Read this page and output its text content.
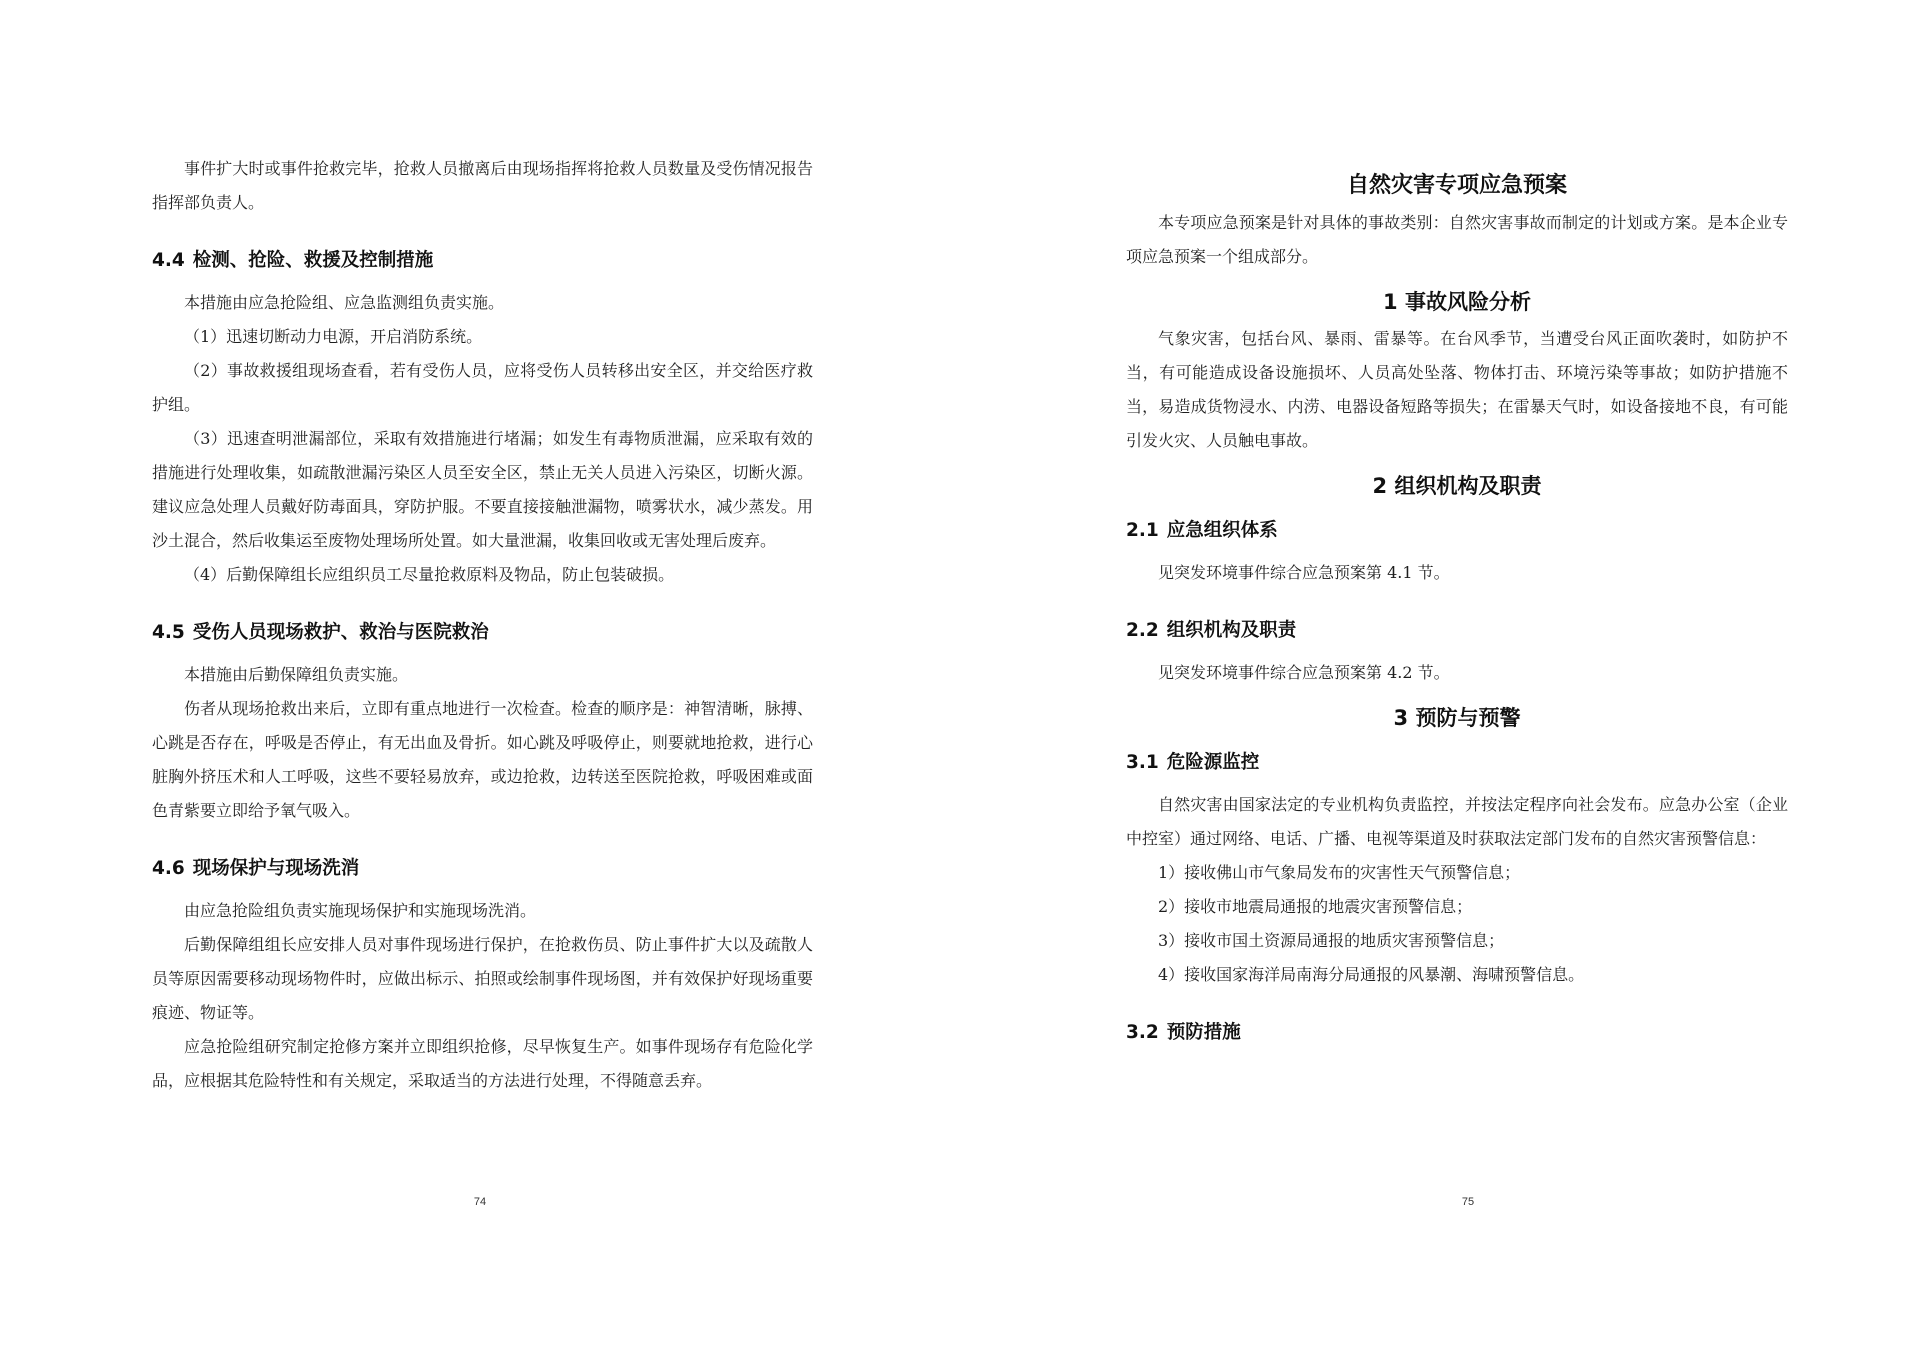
事件扩大时或事件抢救完毕，抢救人员撤离后由现场指挥将抢救人员数量及受伤情况报告指挥部负责人。

4.4 检测、抢险、救援及控制措施

本措施由应急抢险组、应急监测组负责实施。

（1）迅速切断动力电源，开启消防系统。

（2）事故救援组现场查看，若有受伤人员，应将受伤人员转移出安全区，并交给医疗救护组。

（3）迅速查明泄漏部位，采取有效措施进行堵漏；如发生有毒物质泄漏，应采取有效的措施进行处理收集，如疏散泄漏污染区人员至安全区，禁止无关人员进入污染区，切断火源。建议应急处理人员戴好防毒面具，穿防护服。不要直接接触泄漏物，喷雾状水，减少蒸发。用沙土混合，然后收集运至废物处理场所处置。如大量泄漏，收集回收或无害处理后废弃。

（4）后勤保障组长应组织员工尽量抢救原料及物品，防止包装破损。

4.5 受伤人员现场救护、救治与医院救治

本措施由后勤保障组负责实施。

伤者从现场抢救出来后，立即有重点地进行一次检查。检查的顺序是：神智清晰，脉搏、心跳是否存在，呼吸是否停止，有无出血及骨折。如心跳及呼吸停止，则要就地抢救，进行心脏胸外挤压术和人工呼吸，这些不要轻易放弃，或边抢救，边转送至医院抢救，呼吸困难或面色青紫要立即给予氧气吸入。

4.6 现场保护与现场洗消

由应急抢险组负责实施现场保护和实施现场洗消。

后勤保障组组长应安排人员对事件现场进行保护，在抢救伤员、防止事件扩大以及疏散人员等原因需要移动现场物件时，应做出标示、拍照或绘制事件现场图，并有效保护好现场重要痕迹、物证等。

应急抢险组研究制定抢修方案并立即组织抢修，尽早恢复生产。如事件现场存有危险化学品，应根据其危险特性和有关规定，采取适当的方法进行处理，不得随意丢弃。

74
自然灾害专项应急预案

本专项应急预案是针对具体的事故类别：自然灾害事故而制定的计划或方案。是本企业专项应急预案一个组成部分。

1 事故风险分析

气象灾害，包括台风、暴雨、雷暴等。在台风季节，当遭受台风正面吹袭时，如防护不当，有可能造成设备设施损坏、人员高处坠落、物体打击、环境污染等事故；如防护措施不当，易造成货物浸水、内涝、电器设备短路等损失；在雷暴天气时，如设备接地不良，有可能引发火灾、人员触电事故。

2 组织机构及职责
2.1 应急组织体系

见突发环境事件综合应急预案第 4.1 节。

2.2 组织机构及职责

见突发环境事件综合应急预案第 4.2 节。

3 预防与预警
3.1 危险源监控

自然灾害由国家法定的专业机构负责监控，并按法定程序向社会发布。应急办公室（企业中控室）通过网络、电话、广播、电视等渠道及时获取法定部门发布的自然灾害预警信息：

1）接收佛山市气象局发布的灾害性天气预警信息；

2）接收市地震局通报的地震灾害预警信息；

3）接收市国土资源局通报的地质灾害预警信息；

4）接收国家海洋局南海分局通报的风暴潮、海啸预警信息。

3.2 预防措施
75
